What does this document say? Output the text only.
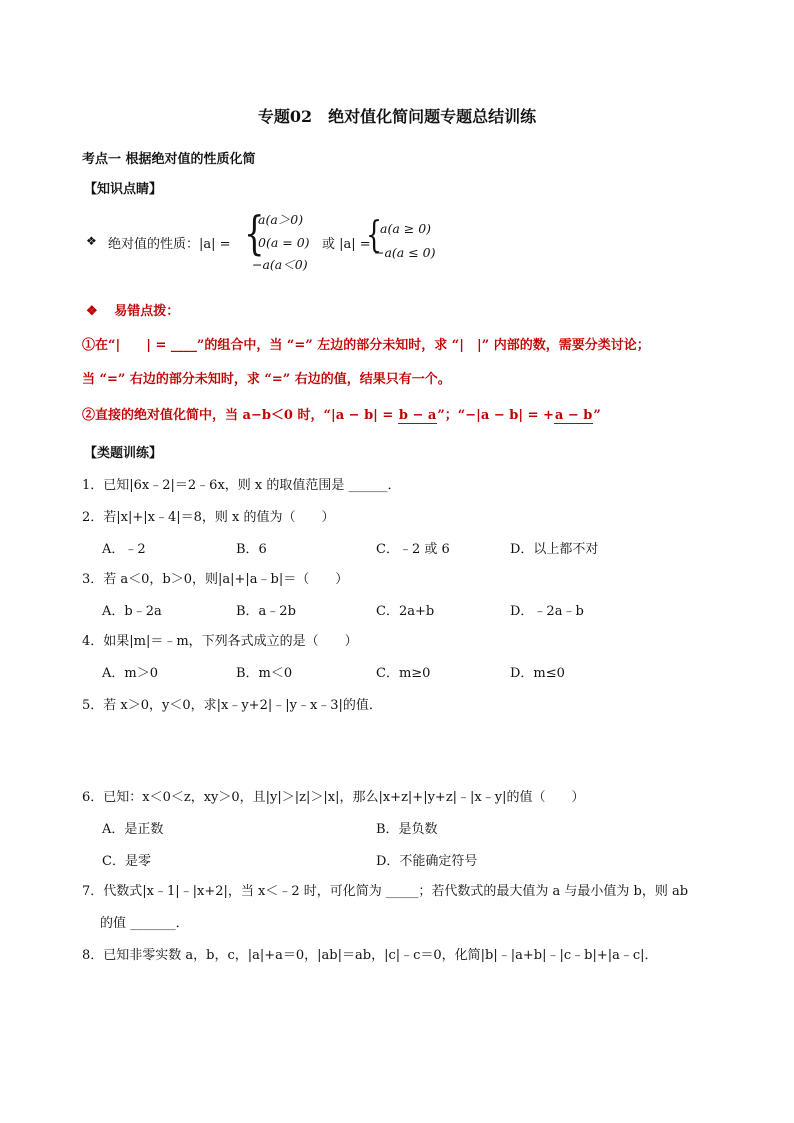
专题02　绝对值化简问题专题总结训练
考点一 根据绝对值的性质化简
【知识点睛】
❖ 绝对值的性质：|a| = {
a(a＞0)
0(a = 0)
−a(a＜0)
或 |a| =
{
a(a ≥ 0)
−a(a ≤ 0)
❖ 易错点拨：
①在“|　　| = ____”的组合中，当 “=” 左边的部分未知时，求 “|　|” 内部的数，需要分类讨论；
当 “=” 右边的部分未知时，求 “=” 右边的值，结果只有一个。
②直接的绝对值化简中，当 a−b＜0 时，“|a − b| = b − a”；“−|a − b| = +a − b”
【类题训练】
1．已知|6x﹣2|＝2﹣6x，则 x 的取值范围是 ______．
2．若|x|+|x﹣4|＝8，则 x 的值为（　　）
A．﹣2	B．6	C．﹣2 或 6	D．以上都不对
3．若 a＜0，b＞0，则|a|+|a﹣b|＝（　　）
A．b﹣2a	B．a﹣2b	C．2a+b	D．﹣2a﹣b
4．如果|m|＝﹣m，下列各式成立的是（　　）
A．m＞0	B．m＜0	C．m≥0	D．m≤0
5．若 x＞0，y＜0，求|x﹣y+2|﹣|y﹣x﹣3|的值．
6．已知：x＜0＜z，xy＞0，且|y|＞|z|＞|x|，那么|x+z|+|y+z|﹣|x﹣y|的值（　　）
A．是正数	B．是负数
C．是零	D．不能确定符号
7．代数式|x﹣1|﹣|x+2|，当 x＜﹣2 时，可化简为 _____；若代数式的最大值为 a 与最小值为 b，则 ab
的值 _______．
8．已知非零实数 a，b，c，|a|+a＝0，|ab|＝ab，|c|﹣c＝0，化简|b|﹣|a+b|﹣|c﹣b|+|a﹣c|．
